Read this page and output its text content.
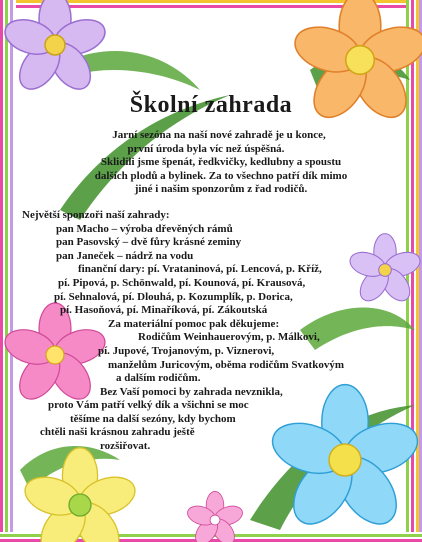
Školní zahrada
Jarní sezóna na naší nové zahradě je u konce,
první úroda byla víc než úspěšná.
Sklidili jsme špenát, ředkvičky, kedlubny a spoustu
dalších plodů a bylinek. Za to všechno patří dík mimo
jiné i našim sponzorům z řad rodičů.
Největší sponzoři naší zahrady:
pan Macho – výroba dřevěných rámů
pan Pasovský – dvě fůry krásné zeminy
pan Janeček – nádrž na vodu
finanční dary: pí. Vrataninová, pí. Lencová, p. Kříž,
pí. Pipová, p. Schönwald, pí. Kounová, pí. Krausová,
pí. Sehnalová, pí. Dlouhá, p. Kozumplík, p. Dorica,
pí. Hasoňová, pí. Minaříková, pí. Zákoutská
Za materiální pomoc pak děkujeme:
Rodičům Weinhauerovým, p. Málkovi,
pí. Jupové, Trojanovým, p. Viznerovi,
manželům Juricovým, oběma rodičům Svatkovým
a dalším rodičům.
Bez Vaší pomoci by zahrada nevznikla,
proto Vám patří velký dík a všichni se moc
těšíme na další sezóny, kdy bychom
chtěli naši krásnou zahradu ještě
rozšiřovat.
